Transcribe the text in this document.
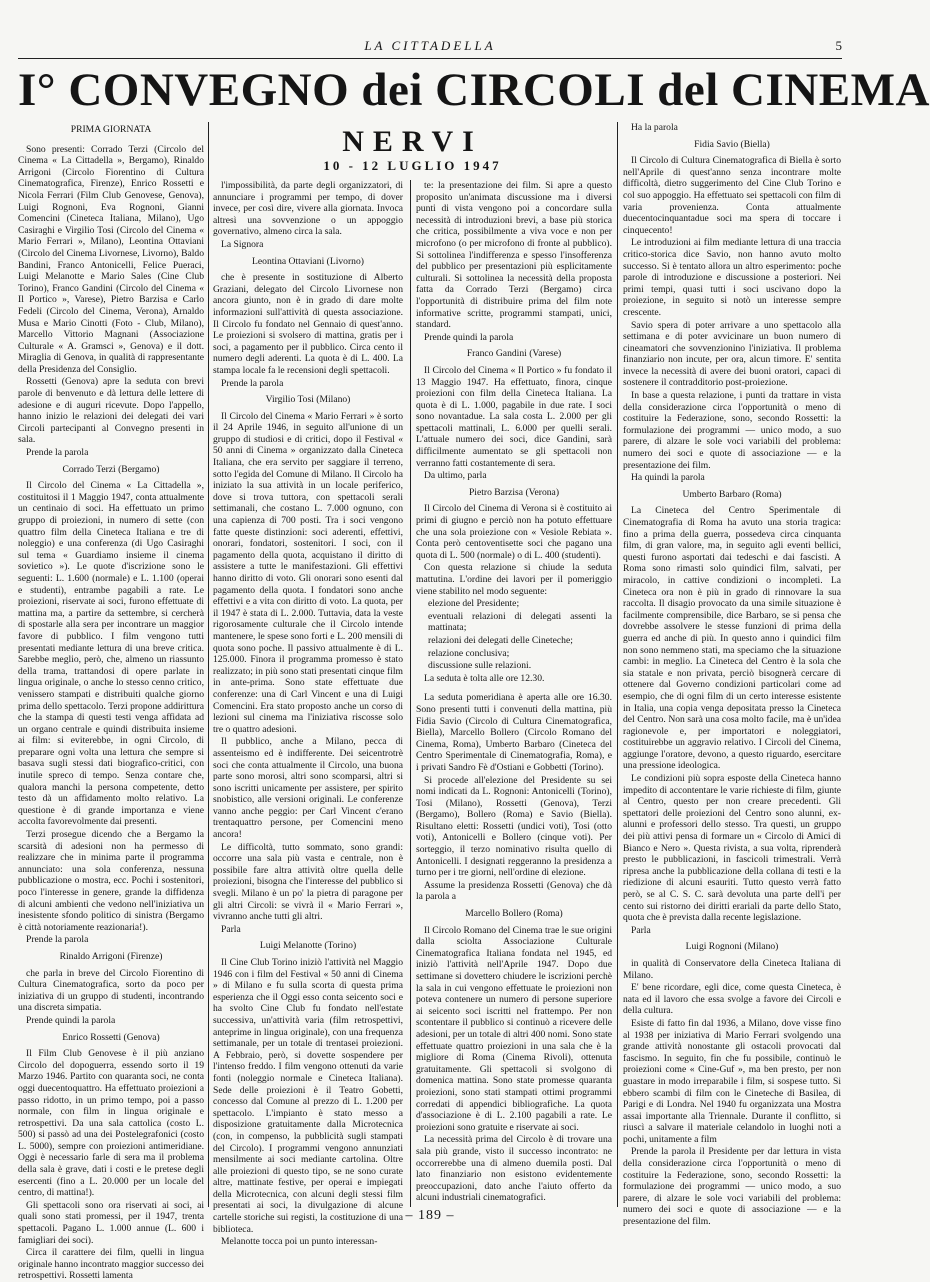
LA CITTADELLA	5
I° CONVEGNO dei CIRCOLI del CINEMA
NERVI
10 - 12 LUGLIO 1947

PRIMA GIORNATA

Sono presenti: Corrado Terzi (Circolo del Cinema « La Cittadella », Bergamo), Rinaldo Arrigoni (Circolo Fiorentino di Cultura Cinematografica, Firenze), Enrico Rossetti e Nicola Ferrari (Film Club Genovese, Genova), Luigi Rognoni, Eva Rognoni, Gianni Comencini (Cineteca Italiana, Milano), Ugo Casiraghi e Virgilio Tosi (Circolo del Cinema « Mario Ferrari », Milano), Leontina Ottaviani (Circolo del Cinema Livornese, Livorno), Baldo Bandini, Franco Antonicelli, Felice Pueraci, Luigi Melanotte e Mario Sales (Cine Club Torino), Franco Gandini (Circolo del Cinema « Il Portico », Varese), Pietro Barzisa e Carlo Fedeli (Circolo del Cinema, Verona), Arnaldo Musa e Mario Cinotti (Foto - Club, Milano), Marcello Vittorio Magnani (Associazione Culturale « A. Gramsci », Genova) e il dott. Miraglia di Genova, in qualità di rappresentante della Presidenza del Consiglio.

Rossetti (Genova) apre la seduta con brevi parole di benvenuto e dà lettura delle lettere di adesione e di auguri ricevute. Dopo l'appello, hanno inizio le relazioni dei delegati dei vari Circoli partecipanti al Convegno presenti in sala.

Prende la parola

Corrado Terzi (Bergamo)

Il Circolo del Cinema « La Cittadella », costituitosi il 1 Maggio 1947, conta attualmente un centinaio di soci. Ha effettuato un primo gruppo di proiezioni, in numero di sette (con quattro film della Cineteca Italiana e tre di noleggio) e una conferenza (di Ugo Casiraghi sul tema « Guardiamo insieme il cinema sovietico »). Le quote d'iscrizione sono le seguenti: L. 1.600 (normale) e L. 1.100 (operai e studenti), entrambe pagabili a rate. Le proiezioni, riservate ai soci, furono effettuate di mattina ma, a partire da settembre, si cercherà di spostarle alla sera per incontrare un maggior favore di pubblico. I film vengono tutti presentati mediante lettura di una breve critica. Sarebbe meglio, però, che, almeno un riassunto della trama, trattandosi di opere parlate in lingua originale, o anche lo stesso cenno critico, venissero stampati e distribuiti qualche giorno prima dello spettacolo. Terzi propone addirittura che la stampa di questi testi venga affidata ad un organo centrale e quindi distribuita insieme ai film: si eviterebbe, in ogni Circolo, di preparare ogni volta una lettura che sempre si basava sugli stessi dati biografico-critici, con inutile spreco di tempo. Senza contare che, qualora manchi la persona competente, detto testo dà un affidamento molto relativo. La questione è di grande importanza e viene accolta favorevolmente dai presenti.

Terzi prosegue dicendo che a Bergamo la scarsità di adesioni non ha permesso di realizzare che in minima parte il programma annunciato: una sola conferenza, nessuna pubblicazione o mostra, ecc. Pochi i sostenitori, poco l'interesse in genere, grande la diffidenza di alcuni ambienti che vedono nell'iniziativa un inesistente sfondo politico di sinistra (Bergamo è città notoriamente reazionaria!).

Prende la parola

Rinaldo Arrigoni (Firenze)

che parla in breve del Circolo Fiorentino di Cultura Cinematografica, sorto da poco per iniziativa di un gruppo di studenti, incontrando una discreta simpatia.

Prende quindi la parola

Enrico Rossetti (Genova)

Il Film Club Genovese è il più anziano Circolo del dopoguerra, essendo sorto il 19 Marzo 1946. Partito con quaranta soci, ne conta oggi duecentoquattro. Ha effettuato proiezioni a passo ridotto, in un primo tempo, poi a passo normale, con film in lingua originale e retrospettivi. Da una sala cattolica (costo L. 500) si passò ad una dei Postelegrafonici (costo L. 5000), sempre con proiezioni antimeridiane. Oggi è necessario farle di sera ma il problema della sala è grave, dati i costi e le pretese degli esercenti (fino a L. 20.000 per un locale del centro, di mattina!).

Gli spettacoli sono ora riservati ai soci, ai quali sono stati promessi, per il 1947, trenta spettacoli. Pagano L. 1.000 annue (L. 600 i famigliari dei soci).

Circa il carattere dei film, quelli in lingua originale hanno incontrato maggior successo dei retrospettivi. Rossetti lamenta

l'impossibilità, da parte degli organizzatori, di annunciare i programmi per tempo, di dover invece, per così dire, vivere alla giornata. Invoca altresì una sovvenzione o un appoggio governativo, almeno circa la sala.

La Signora

Leontina Ottaviani (Livorno)

che è presente in sostituzione di Alberto Graziani, delegato del Circolo Livornese non ancora giunto, non è in grado di dare molte informazioni sull'attività di questa associazione. Il Circolo fu fondato nel Gennaio di quest'anno. Le proiezioni si svolsero di mattina, gratis per i soci, a pagamento per il pubblico. Circa cento il numero degli aderenti. La quota è di L. 400. La stampa locale fa le recensioni degli spettacoli.

Prende la parola

Virgilio Tosi (Milano)

Il Circolo del Cinema « Mario Ferrari » è sorto il 24 Aprile 1946, in seguito all'unione di un gruppo di studiosi e di critici, dopo il Festival « 50 anni di Cinema » organizzato dalla Cineteca Italiana, che era servito per saggiare il terreno, sotto l'egida del Comune di Milano. Il Circolo ha iniziato la sua attività in un locale periferico, dove si trova tuttora, con spettacoli serali settimanali, che costano L. 7.000 ognuno, con una capienza di 700 posti. Tra i soci vengono fatte queste distinzioni: soci aderenti, effettivi, onorari, fondatori, sostenitori. I soci, con il pagamento della quota, acquistano il diritto di assistere a tutte le manifestazioni. Gli effettivi hanno diritto di voto. Gli onorari sono esenti dal pagamento della quota. I fondatori sono anche effettivi e a vita con diritto di voto. La quota, per il 1947 è stata di L. 2.000. Tuttavia, data la veste rigorosamente culturale che il Circolo intende mantenere, le spese sono forti e L. 200 mensili di quota sono poche. Il passivo attualmente è di L. 125.000. Finora il programma promesso è stato realizzato; in più sono stati presentati cinque film in ante-prima. Sono state effettuate due conferenze: una di Carl Vincent e una di Luigi Comencini. Era stato proposto anche un corso di lezioni sul cinema ma l'iniziativa riscosse solo tre o quattro adesioni.

Il pubblico, anche a Milano, pecca di assenteismo ed è indifferente. Dei seicentrotrè soci che conta attualmente il Circolo, una buona parte sono morosi, altri sono scomparsi, altri si sono iscritti unicamente per assistere, per spirito snobistico, alle versioni originali. Le conferenze vanno anche peggio: per Carl Vincent c'erano trentaquattro persone, per Comencini meno ancora!

Le difficoltà, tutto sommato, sono grandi: occorre una sala più vasta e centrale, non è possibile fare altra attività oltre quella delle proiezioni, bisogna che l'interesse del pubblico si svegli. Milano è un po' la pietra di paragone per gli altri Circoli: se vivrà il « Mario Ferrari », vivranno anche tutti gli altri.

Parla

Luigi Melanotte (Torino)

Il Cine Club Torino iniziò l'attività nel Maggio 1946 con i film del Festival « 50 anni di Cinema » di Milano e fu sulla scorta di questa prima esperienza che il Oggi esso conta seicento soci e ha svolto Cine Club fu fondato nell'estate successiva, un'attività varia (film retrospettivi, anteprime in lingua originale), con una frequenza settimanale, per un totale di trentasei proiezioni. A Febbraio, però, si dovette sospendere per l'intenso freddo. I film vengono ottenuti da varie fonti (noleggio normale e Cineteca Italiana). Sede delle proiezioni è il Teatro Gobetti, concesso dal Comune al prezzo di L. 1.200 per spettacolo. L'impianto è stato messo a disposizione gratuitamente dalla Microtecnica (con, in compenso, la pubblicità sugli stampati del Circolo). I programmi vengono annunziati mensilmente ai soci mediante cartolina. Oltre alle proiezioni di questo tipo, se ne sono curate altre, mattinate festive, per operai e impiegati della Microtecnica, con alcuni degli stessi film presentati ai soci, la divulgazione di alcune cartelle storiche sui registi, la costituzione di una biblioteca.

Melanotte tocca poi un punto interessan-

te: la presentazione dei film. Si apre a questo proposito un'animata discussione ma i diversi punti di vista vengono poi a concordare sulla necessità di introduzioni brevi, a base più storica che critica, possibilmente a viva voce e non per microfono (o per microfono di fronte al pubblico). Si sottolinea l'indifferenza e spesso l'insofferenza del pubblico per presentazioni più esplicitamente culturali. Si sottolinea la necessità della proposta fatta da Corrado Terzi (Bergamo) circa l'opportunità di distribuire prima del film note informative scritte, programmi stampati, unici, standard.

Prende quindi la parola

Franco Gandini (Varese)

Il Circolo del Cinema « Il Portico » fu fondato il 13 Maggio 1947. Ha effettuato, finora, cinque proiezioni con film della Cineteca Italiana. La quota è di L. 1.000, pagabile in due rate. I soci sono novantadue. La sala costa L. 2.000 per gli spettacoli mattinali, L. 6.000 per quelli serali. L'attuale numero dei soci, dice Gandini, sarà difficilmente aumentato se gli spettacoli non verranno fatti costantemente di sera.

Da ultimo, parla

Pietro Barzisa (Verona)

Il Circolo del Cinema di Verona si è costituito ai primi di giugno e perciò non ha potuto effettuare che una sola proiezione con « Vesiole Rebiata ». Conta però centoventisette soci che pagano una quota di L. 500 (normale) o di L. 400 (studenti).

Con questa relazione si chiude la seduta mattutina. L'ordine dei lavori per il pomeriggio viene stabilito nel modo seguente:

elezione del Presidente;

eventuali relazioni di delegati assenti la mattinata;

relazioni dei delegati delle Cineteche;

relazione conclusiva;

discussione sulle relazioni.

La seduta è tolta alle ore 12.30.

La seduta pomeridiana è aperta alle ore 16.30. Sono presenti tutti i convenuti della mattina, più Fidia Savio (Circolo di Cultura Cinematografica, Biella), Marcello Bollero (Circolo Romano del Cinema, Roma), Umberto Barbaro (Cineteca del Centro Sperimentale di Cinematografia, Roma), e i privati Sandro Fè d'Ostiani e Gobbetti (Torino).

Si procede all'elezione del Presidente su sei nomi indicati da L. Rognoni: Antonicelli (Torino), Tosi (Milano), Rossetti (Genova), Terzi (Bergamo), Bollero (Roma) e Savio (Biella). Risultano eletti: Rossetti (undici voti), Tosi (otto voti), Antonicelli e Bollero (cinque voti). Per sorteggio, il terzo nominativo risulta quello di Antonicelli. I designati reggeranno la presidenza a turno per i tre giorni, nell'ordine di elezione.

Assume la presidenza Rossetti (Genova) che dà la parola a

Marcello Bollero (Roma)

Il Circolo Romano del Cinema trae le sue origini dalla sciolta Associazione Culturale Cinematografica Italiana fondata nel 1945, ed iniziò l'attività nell'Aprile 1947. Dopo due settimane si dovettero chiudere le iscrizioni perchè la sala in cui vengono effettuate le proiezioni non poteva contenere un numero di persone superiore ai seicento soci iscritti nel frattempo. Per non scontentare il pubblico si continuò a ricevere delle adesioni, per un totale di altri 400 nomi. Sono state effettuate quattro proiezioni in una sala che è la migliore di Roma (Cinema Rivoli), ottenuta gratuitamente. Gli spettacoli si svolgono di domenica mattina. Sono state promesse quaranta proiezioni, sono stati stampati ottimi programmi corredati di appendici bibliografiche. La quota d'associazione è di L. 2.100 pagabili a rate. Le proiezioni sono gratuite e riservate ai soci.

La necessità prima del Circolo è di trovare una sala più grande, visto il successo incontrato: ne occorrerebbe una di almeno duemila posti. Dal lato finanziario non esistono evidentemente preoccupazioni, dato anche l'aiuto offerto da alcuni industriali cinematografici.

Ha la parola

Fidia Savio (Biella)

Il Circolo di Cultura Cinematografica di Biella è sorto nell'Aprile di quest'anno senza incontrare molte difficoltà, dietro suggerimento del Cine Club Torino e col suo appoggio. Ha effettuato sei spettacoli con film di varia provenienza. Conta attualmente duecentocinquantadue soci ma spera di toccare i cinquecento!

Le introduzioni ai film mediante lettura di una traccia critico-storica dice Savio, non hanno avuto molto successo. Si è tentato allora un altro esperimento: poche parole di introduzione e discussione a posteriori. Nei primi tempi, quasi tutti i soci uscivano dopo la proiezione, in seguito si notò un interesse sempre crescente.

Savio spera di poter arrivare a uno spettacolo alla settimana e di poter avvicinare un buon numero di cineamatori che sovvenzionino l'iniziativa. Il problema finanziario non incute, per ora, alcun timore. E' sentita invece la necessità di avere dei buoni oratori, capaci di sostenere il contradditorio post-proiezione.

In base a questa relazione, i punti da trattare in vista della considerazione circa l'opportunità o meno di costituire la Federazione, sono, secondo Rossetti: la formulazione dei programmi — unico modo, a suo parere, di alzare le sole voci variabili del problema: numero dei soci e quote di associazione — e la presentazione dei film.

Ha quindi la parola

Umberto Barbaro (Roma)

La Cineteca del Centro Sperimentale di Cinematografia di Roma ha avuto una storia tragica: fino a prima della guerra, possedeva circa cinquanta film, di gran valore, ma, in seguito agli eventi bellici, questi furono asportati dai tedeschi e dai fascisti. A Roma sono rimasti solo quindici film, salvati, per miracolo, in cattive condizioni o incompleti. La Cineteca ora non è più in grado di rinnovare la sua raccolta. Il disagio provocato da una simile situazione è facilmente comprensibile, dice Barbaro, se si pensa che dovrebbe assolvere le stesse funzioni di prima della guerra ed anche di più. In questo anno i quindici film non sono nemmeno stati, ma speciamo che la situazione cambi: in meglio. La Cineteca del Centro è la sola che sia statale e non privata, perciò bisognerà cercare di ottenere dal Governo condizioni particolari come ad esempio, che di ogni film di un certo interesse esistente in Italia, una copia venga depositata presso la Cineteca del Centro. Non sarà una cosa molto facile, ma è un'idea ragionevole e, per importatori e noleggiatori, costituirebbe un aggravio relativo. I Circoli del Cinema, aggiunge l'oratore, devono, a questo riguardo, esercitare una pressione ideologica.

Le condizioni più sopra esposte della Cineteca hanno impedito di accontentare le varie richieste di film, giunte al Centro, questo per non creare precedenti. Gli spettatori delle proiezioni del Centro sono alunni, ex-alunni e professori dello stesso. Tra questi, un gruppo dei più attivi pensa di formare un « Circolo di Amici di Bianco e Nero ». Questa rivista, a sua volta, riprenderà presto le pubblicazioni, in fascicoli trimestrali. Verrà ripresa anche la pubblicazione della collana di testi e la riedizione di alcuni esauriti. Tutto questo verrà fatto però, se al C. S. C. sarà devoluta una parte dell'i per cento sui ristorno dei diritti erariali da parte dello Stato, quota che è prevista dalla recente legislazione.

Parla

Luigi Rognoni (Milano)

in qualità di Conservatore della Cineteca Italiana di Milano.

E' bene ricordare, egli dice, come questa Cineteca, è nata ed il lavoro che essa svolge a favore dei Circoli e della cultura.

Esiste di fatto fin dal 1936, a Milano, dove visse fino al 1938 per iniziativa di Mario Ferrari svolgendo una grande attività nonostante gli ostacoli provocati dal fascismo. In seguito, fin che fu possibile, continuò le proiezioni come « Cine-Guf », ma ben presto, per non guastare in modo irreparabile i film, si sospese tutto. Si ebbero scambi di film con le Cineteche di Basilea, di Parigi e di Londra. Nel 1940 fu organizzata una Mostra assai importante alla Triennale. Durante il conflitto, si riuscì a salvare il materiale celandolo in luoghi noti a pochi, unitamente a film

Prende la parola il Presidente per dar lettura in vista della considerazione circa l'opportunità o meno di costituire la Federazione, sono, secondo Rossetti: la formulazione dei programmi — unico modo, a suo parere, di alzare le sole voci variabili del problema: numero dei soci e quote di associazione — e la presentazione del film.

– 189 –
